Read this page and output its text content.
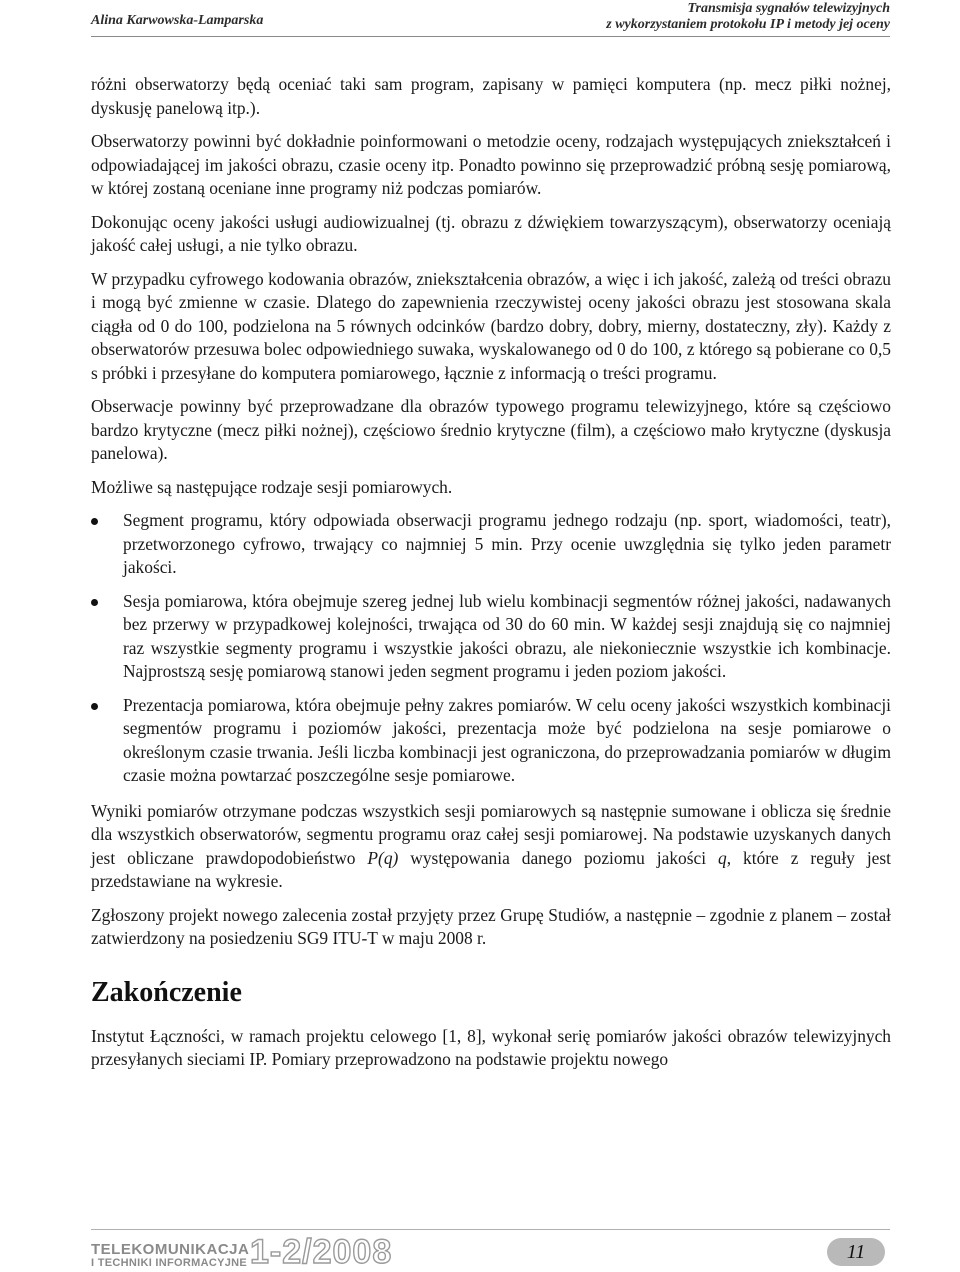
Alina Karwowska-Lamparska
Transmisja sygnałów telewizyjnych
z wykorzystaniem protokołu IP i metody jej oceny

różni obserwatorzy będą oceniać taki sam program, zapisany w pamięci komputera (np. mecz piłki nożnej, dyskusję panelową itp.).

Obserwatorzy powinni być dokładnie poinformowani o metodzie oceny, rodzajach występujących zniekształceń i odpowiadającej im jakości obrazu, czasie oceny itp. Ponadto powinno się przeprowadzić próbną sesję pomiarową, w której zostaną oceniane inne programy niż podczas pomiarów.

Dokonując oceny jakości usługi audiowizualnej (tj. obrazu z dźwiękiem towarzyszącym), obserwatorzy oceniają jakość całej usługi, a nie tylko obrazu.

W przypadku cyfrowego kodowania obrazów, zniekształcenia obrazów, a więc i ich jakość, zależą od treści obrazu i mogą być zmienne w czasie. Dlatego do zapewnienia rzeczywistej oceny jakości obrazu jest stosowana skala ciągła od 0 do 100, podzielona na 5 równych odcinków (bardzo dobry, dobry, mierny, dostateczny, zły). Każdy z obserwatorów przesuwa bolec odpowiedniego suwaka, wyskalowanego od 0 do 100, z którego są pobierane co 0,5 s próbki i przesyłane do komputera pomiarowego, łącznie z informacją o treści programu.

Obserwacje powinny być przeprowadzane dla obrazów typowego programu telewizyjnego, które są częściowo bardzo krytyczne (mecz piłki nożnej), częściowo średnio krytyczne (film), a częściowo mało krytyczne (dyskusja panelowa).

Możliwe są następujące rodzaje sesji pomiarowych.

Segment programu, który odpowiada obserwacji programu jednego rodzaju (np. sport, wiadomości, teatr), przetworzonego cyfrowo, trwający co najmniej 5 min. Przy ocenie uwzględnia się tylko jeden parametr jakości.
Sesja pomiarowa, która obejmuje szereg jednej lub wielu kombinacji segmentów różnej jakości, nadawanych bez przerwy w przypadkowej kolejności, trwająca od 30 do 60 min. W każdej sesji znajdują się co najmniej raz wszystkie segmenty programu i wszystkie jakości obrazu, ale niekoniecznie wszystkie ich kombinacje. Najprostszą sesję pomiarową stanowi jeden segment programu i jeden poziom jakości.
Prezentacja pomiarowa, która obejmuje pełny zakres pomiarów. W celu oceny jakości wszystkich kombinacji segmentów programu i poziomów jakości, prezentacja może być podzielona na sesje pomiarowe o określonym czasie trwania. Jeśli liczba kombinacji jest ograniczona, do przeprowadzania pomiarów w długim czasie można powtarzać poszczególne sesje pomiarowe.

Wyniki pomiarów otrzymane podczas wszystkich sesji pomiarowych są następnie sumowane i oblicza się średnie dla wszystkich obserwatorów, segmentu programu oraz całej sesji pomiarowej. Na podstawie uzyskanych danych jest obliczane prawdopodobieństwo P(q) występowania danego poziomu jakości q, które z reguły jest przedstawiane na wykresie.

Zgłoszony projekt nowego zalecenia został przyjęty przez Grupę Studiów, a następnie – zgodnie z planem – został zatwierdzony na posiedzeniu SG9 ITU-T w maju 2008 r.

Zakończenie

Instytut Łączności, w ramach projektu celowego [1, 8], wykonał serię pomiarów jakości obrazów telewizyjnych przesyłanych sieciami IP. Pomiary przeprowadzono na podstawie projektu nowego

TELEKOMUNIKACJA
I TECHNIKI INFORMACYJNE 1-2/2008	11
